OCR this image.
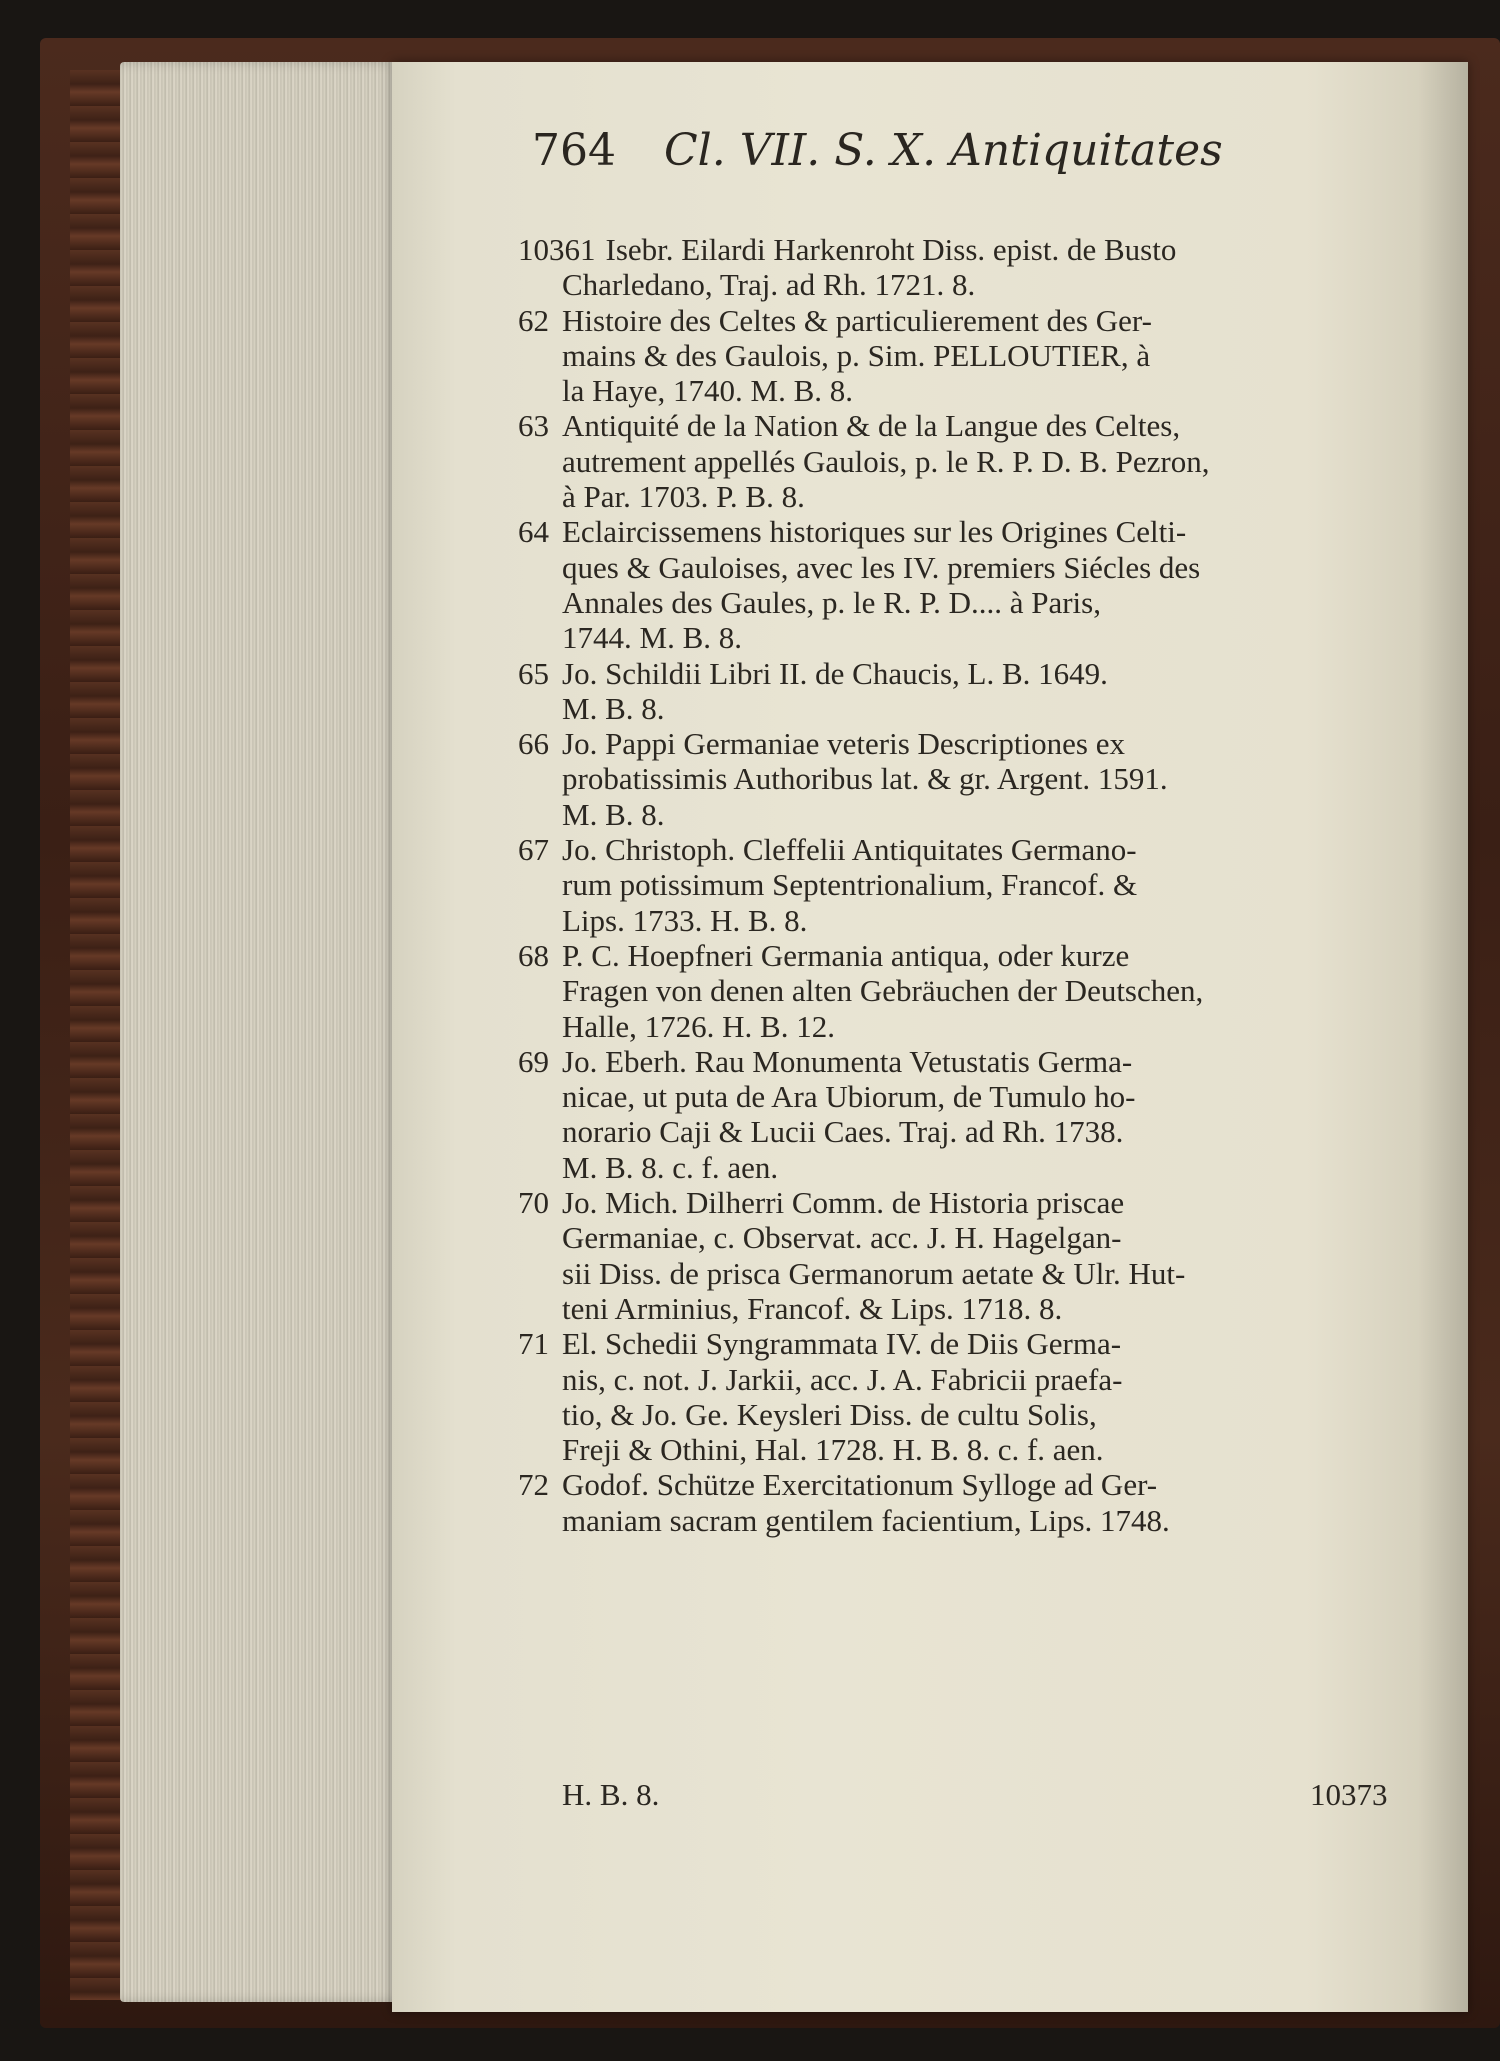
764 Cl. VII. S. X. Antiquitates
10361 Isebr. Eilardi Harkenroht Diss. epist. de Busto
Charledano, Traj. ad Rh. 1721. 8.
62 Histoire des Celtes & particulierement des Ger-
mains & des Gaulois, p. Sim. PELLOUTIER, à
la Haye, 1740. M. B. 8.
63 Antiquité de la Nation & de la Langue des Celtes,
autrement appellés Gaulois, p. le R. P. D. B. Pezron,
à Par. 1703. P. B. 8.
64 Eclaircissemens historiques sur les Origines Celti-
ques & Gauloises, avec les IV. premiers Siécles des
Annales des Gaules, p. le R. P. D.... à Paris,
1744. M. B. 8.
65 Jo. Schildii Libri II. de Chaucis, L. B. 1649.
M. B. 8.
66 Jo. Pappi Germaniae veteris Descriptiones ex
probatissimis Authoribus lat. & gr. Argent. 1591.
M. B. 8.
67 Jo. Christoph. Cleffelii Antiquitates Germano-
rum potissimum Septentrionalium, Francof. &
Lips. 1733. H. B. 8.
68 P. C. Hoepfneri Germania antiqua, oder kurze
Fragen von denen alten Gebräuchen der Deutschen,
Halle, 1726. H. B. 12.
69 Jo. Eberh. Rau Monumenta Vetustatis Germa-
nicae, ut puta de Ara Ubiorum, de Tumulo ho-
norario Caji & Lucii Caes. Traj. ad Rh. 1738.
M. B. 8. c. f. aen.
70 Jo. Mich. Dilherri Comm. de Historia priscae
Germaniae, c. Observat. acc. J. H. Hagelgan-
sii Diss. de prisca Germanorum aetate & Ulr. Hut-
teni Arminius, Francof. & Lips. 1718. 8.
71 El. Schedii Syngrammata IV. de Diis Germa-
nis, c. not. J. Jarkii, acc. J. A. Fabricii praefa-
tio, & Jo. Ge. Keysleri Diss. de cultu Solis,
Freji & Othini, Hal. 1728. H. B. 8. c. f. aen.
72 Godof. Schütze Exercitationum Sylloge ad Ger-
maniam sacram gentilem facientium, Lips. 1748.
H. B. 8.	10373
